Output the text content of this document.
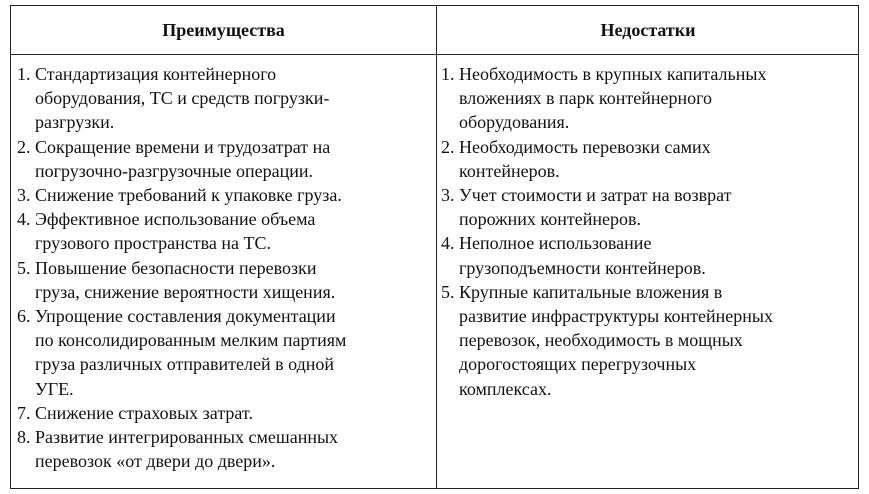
Преимущества	Недостатки
1. Стандартизация контейнерного
оборудования, ТС и средств погрузки-
разгрузки.
2. Сокращение времени и трудозатрат на
погрузочно-разгрузочные операции.
3. Снижение требований к упаковке груза.
4. Эффективное использование объема
грузового пространства на ТС.
5. Повышение безопасности перевозки
груза, снижение вероятности хищения.
6. Упрощение составления документации
по консолидированным мелким партиям
груза различных отправителей в одной
УГЕ.
7. Снижение страховых затрат.
8. Развитие интегрированных смешанных
перевозок «от двери до двери».
1. Необходимость в крупных капитальных
вложениях в парк контейнерного
оборудования.
2. Необходимость перевозки самих
контейнеров.
3. Учет стоимости и затрат на возврат
порожних контейнеров.
4. Неполное использование
грузоподъемности контейнеров.
5. Крупные капитальные вложения в
развитие инфраструктуры контейнерных
перевозок, необходимость в мощных
дорогостоящих перегрузочных
комплексах.
